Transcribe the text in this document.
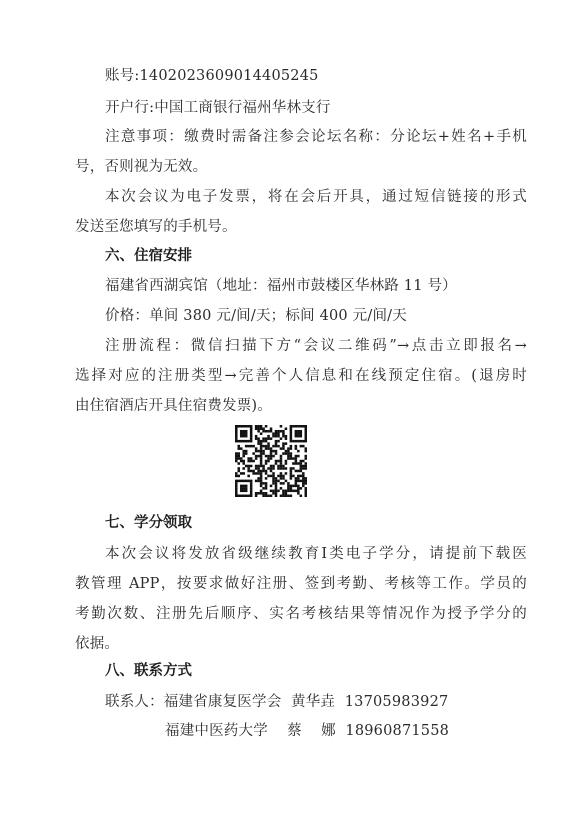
账号:1402023609014405245
开户行:中国工商银行福州华林支行
注意事项：缴费时需备注参会论坛名称：分论坛+姓名+手机
号，否则视为无效。
本次会议为电子发票，将在会后开具，通过短信链接的形式
发送至您填写的手机号。
六、住宿安排
福建省西湖宾馆（地址：福州市鼓楼区华林路 11 号）
价格：单间 380 元/间/天；标间 400 元/间/天
注册流程：微信扫描下方“会议二维码”→点击立即报名→
选择对应的注册类型→完善个人信息和在线预定住宿。(退房时
由住宿酒店开具住宿费发票)。
七、学分领取
本次会议将发放省级继续教育Ⅰ类电子学分，请提前下载医
教管理 APP，按要求做好注册、签到考勤、考核等工作。学员的
考勤次数、注册先后顺序、实名考核结果等情况作为授予学分的
依据。
八、联系方式
联系人：福建省康复医学会  黄华垚  13705983927
福建中医药大学    蔡    娜  18960871558
